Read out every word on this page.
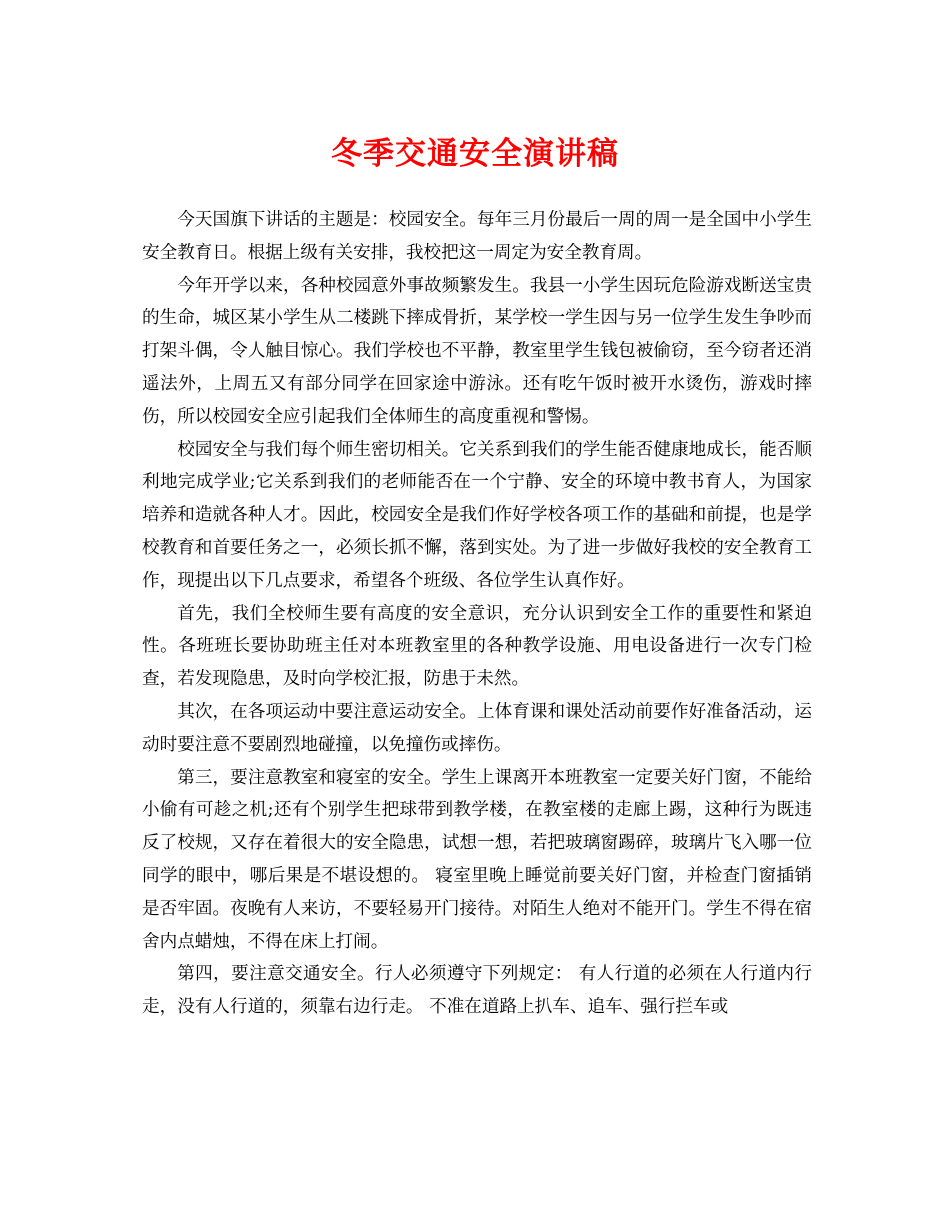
冬季交通安全演讲稿

今天国旗下讲话的主题是：校园安全。每年三月份最后一周的周一是全国中小学生安全教育日。根据上级有关安排，我校把这一周定为安全教育周。

今年开学以来，各种校园意外事故频繁发生。我县一小学生因玩危险游戏断送宝贵的生命，城区某小学生从二楼跳下摔成骨折，某学校一学生因与另一位学生发生争吵而打架斗偶，令人触目惊心。我们学校也不平静，教室里学生钱包被偷窃，至今窃者还消遥法外，上周五又有部分同学在回家途中游泳。还有吃午饭时被开水烫伤，游戏时摔伤，所以校园安全应引起我们全体师生的高度重视和警惕。

校园安全与我们每个师生密切相关。它关系到我们的学生能否健康地成长，能否顺利地完成学业;它关系到我们的老师能否在一个宁静、安全的环境中教书育人，为国家培养和造就各种人才。因此，校园安全是我们作好学校各项工作的基础和前提，也是学校教育和首要任务之一，必须长抓不懈，落到实处。为了进一步做好我校的安全教育工作，现提出以下几点要求，希望各个班级、各位学生认真作好。

首先，我们全校师生要有高度的安全意识，充分认识到安全工作的重要性和紧迫性。各班班长要协助班主任对本班教室里的各种教学设施、用电设备进行一次专门检查，若发现隐患，及时向学校汇报，防患于未然。

其次，在各项运动中要注意运动安全。上体育课和课处活动前要作好准备活动，运动时要注意不要剧烈地碰撞，以免撞伤或摔伤。

第三，要注意教室和寝室的安全。学生上课离开本班教室一定要关好门窗，不能给小偷有可趁之机;还有个别学生把球带到教学楼，在教室楼的走廊上踢，这种行为既违反了校规，又存在着很大的安全隐患，试想一想，若把玻璃窗踢碎，玻璃片飞入哪一位同学的眼中，哪后果是不堪设想的。 寝室里晚上睡觉前要关好门窗，并检查门窗插销是否牢固。夜晚有人来访，不要轻易开门接待。对陌生人绝对不能开门。学生不得在宿舍内点蜡烛，不得在床上打闹。

第四，要注意交通安全。行人必须遵守下列规定： 有人行道的必须在人行道内行走，没有人行道的，须靠右边行走。 不准在道路上扒车、追车、强行拦车或
